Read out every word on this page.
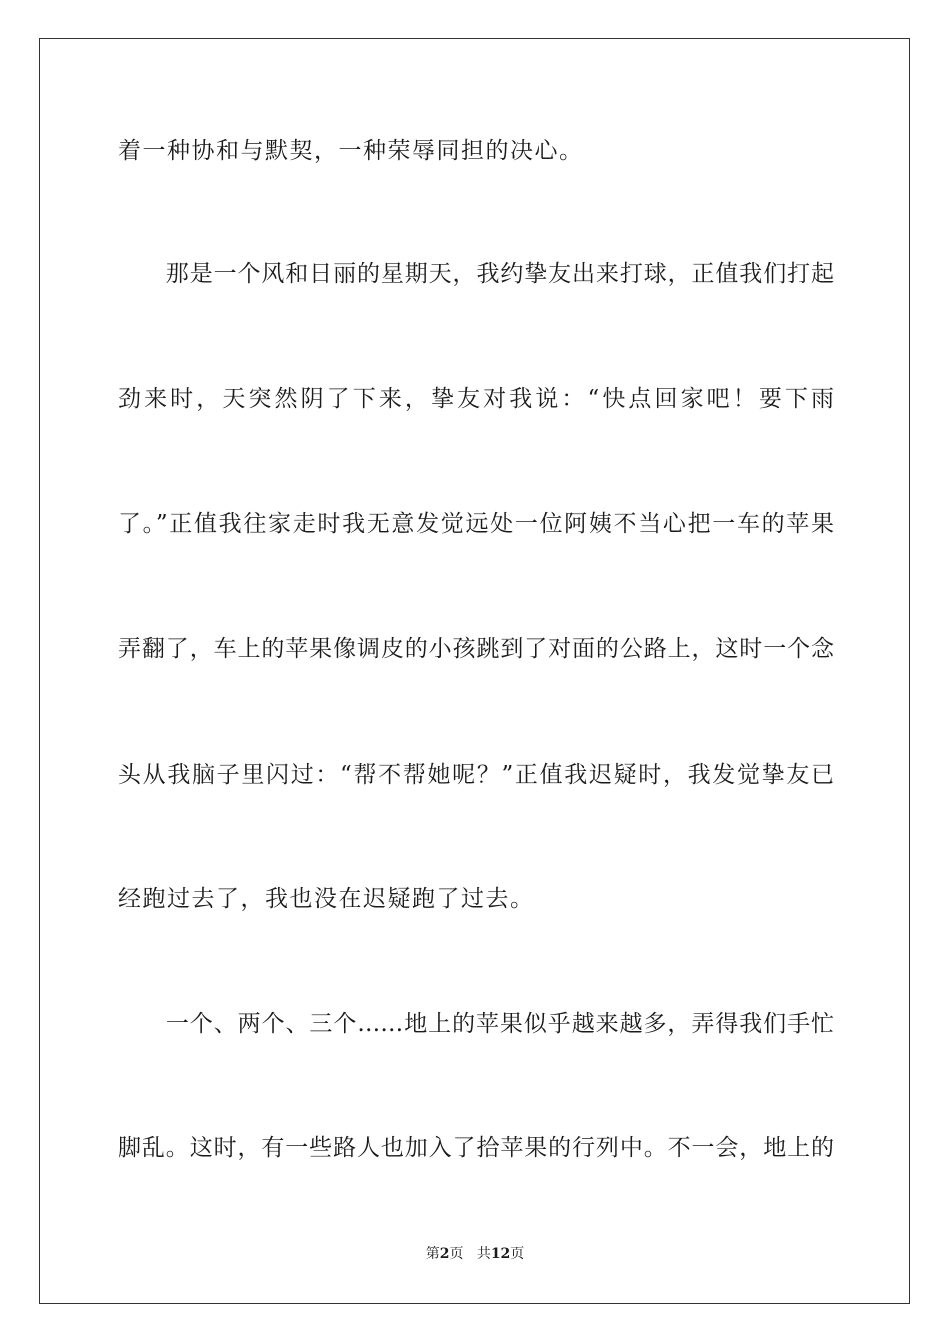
着一种协和与默契，一种荣辱同担的决心。
　　那是一个风和日丽的星期天，我约挚友出来打球，正值我们打起
劲来时，天突然阴了下来，挚友对我说：“快点回家吧！要下雨
了。”正值我往家走时我无意发觉远处一位阿姨不当心把一车的苹果
弄翻了，车上的苹果像调皮的小孩跳到了对面的公路上，这时一个念
头从我脑子里闪过：“帮不帮她呢？”正值我迟疑时，我发觉挚友已
经跑过去了，我也没在迟疑跑了过去。
　　一个、两个、三个……地上的苹果似乎越来越多，弄得我们手忙
脚乱。这时，有一些路人也加入了拾苹果的行列中。不一会，地上的
第2页 共12页
